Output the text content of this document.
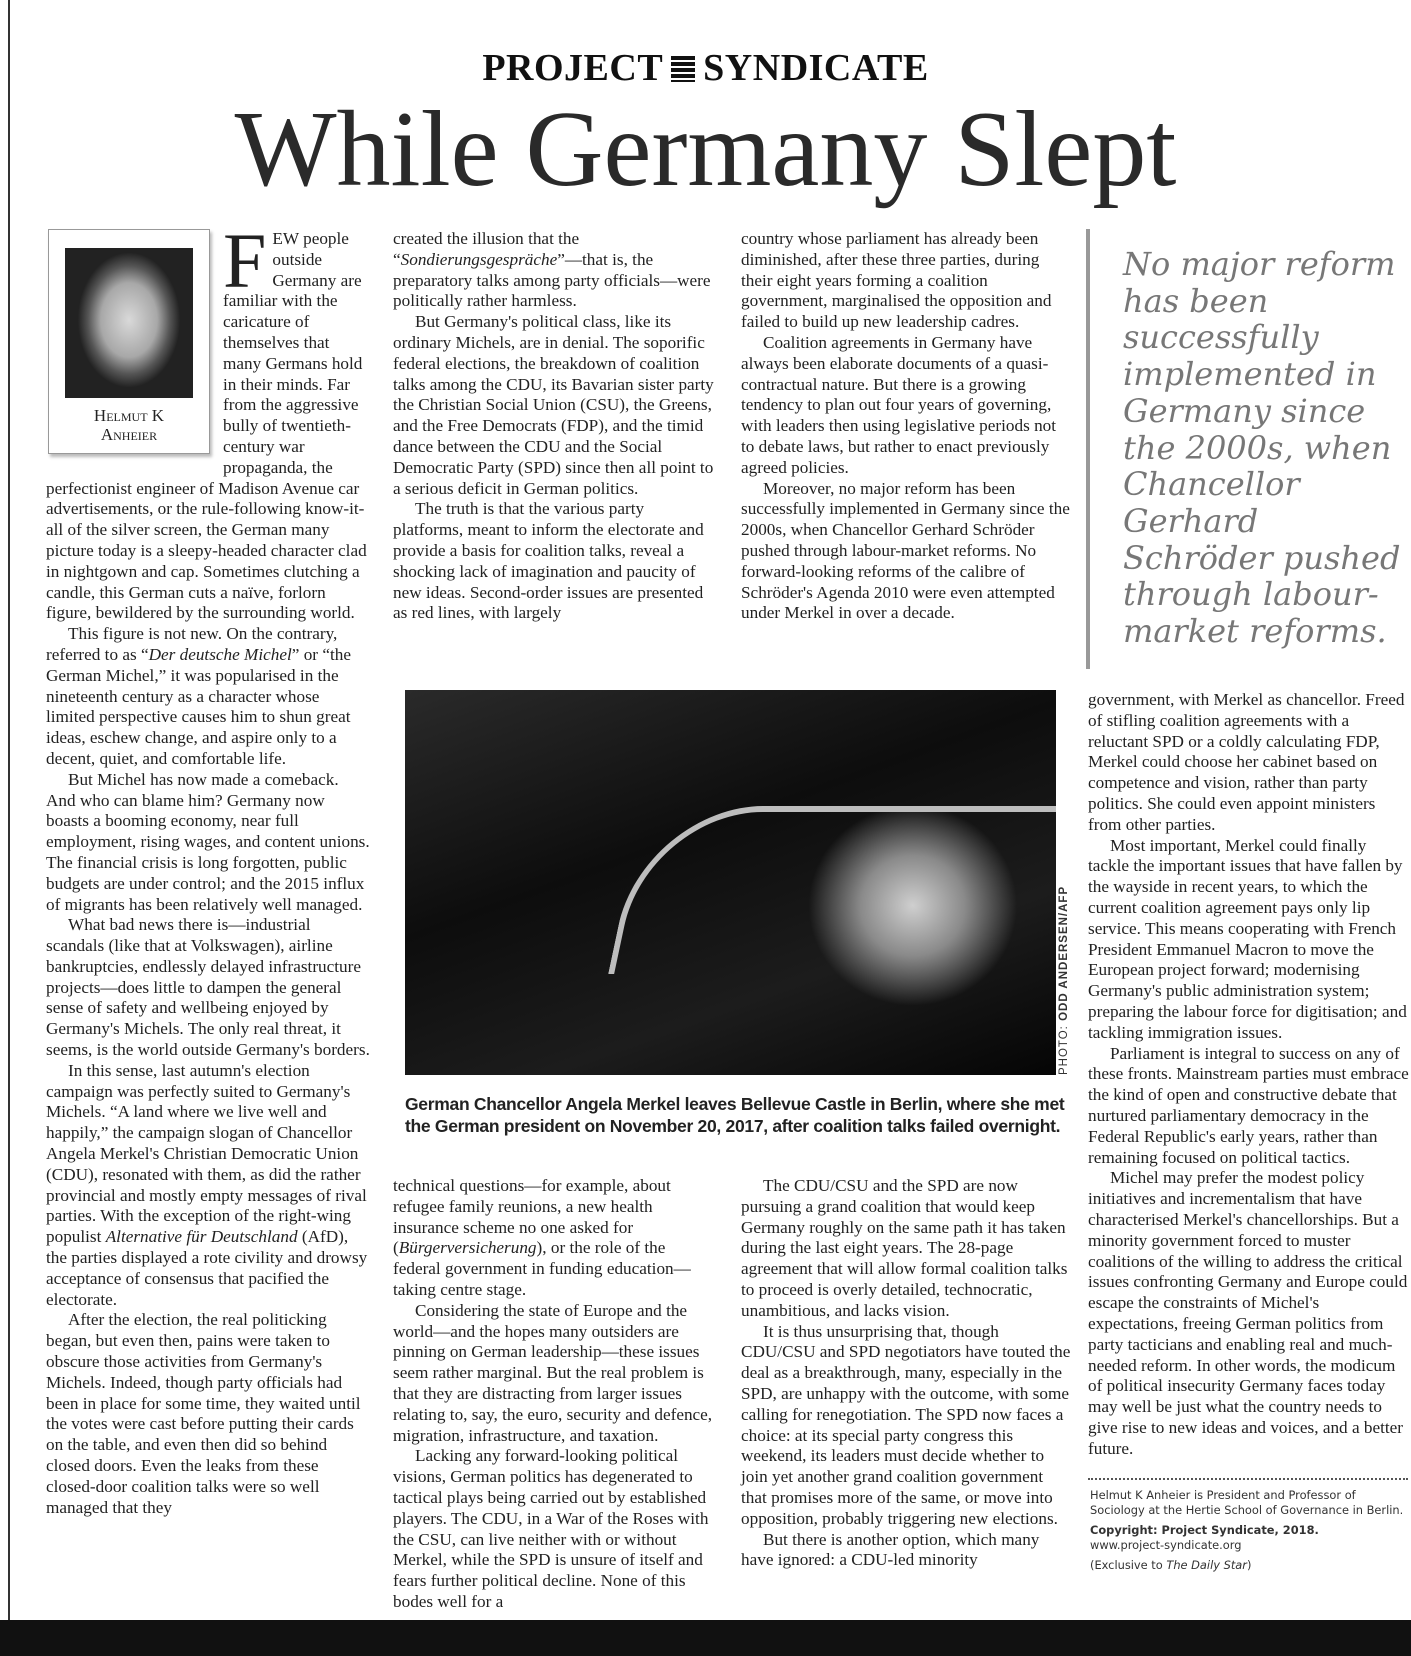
PROJECT SYNDICATE
While Germany Slept
Helmut K
Anheier

FEW people outside Germany are familiar with the caricature of themselves that many Germans hold in their minds. Far from the aggressive bully of twentieth-century war propaganda, the perfectionist engineer of Madison Avenue car advertisements, or the rule-following know-it-all of the silver screen, the German many picture today is a sleepy-headed character clad in nightgown and cap. Sometimes clutching a candle, this German cuts a naïve, forlorn figure, bewildered by the surrounding world.

This figure is not new. On the contrary, referred to as “Der deutsche Michel” or “the German Michel,” it was popularised in the nineteenth century as a character whose limited perspective causes him to shun great ideas, eschew change, and aspire only to a decent, quiet, and comfortable life.

But Michel has now made a comeback. And who can blame him? Germany now boasts a booming economy, near full employment, rising wages, and content unions. The financial crisis is long forgotten, public budgets are under control; and the 2015 influx of migrants has been relatively well managed.

What bad news there is—industrial scandals (like that at Volkswagen), airline bankruptcies, endlessly delayed infrastructure projects—does little to dampen the general sense of safety and wellbeing enjoyed by Germany's Michels. The only real threat, it seems, is the world outside Germany's borders.

In this sense, last autumn's election campaign was perfectly suited to Germany's Michels. “A land where we live well and happily,” the campaign slogan of Chancellor Angela Merkel's Christian Democratic Union (CDU), resonated with them, as did the rather provincial and mostly empty messages of rival parties. With the exception of the right-wing populist Alternative für Deutschland (AfD), the parties displayed a rote civility and drowsy acceptance of consensus that pacified the electorate.

After the election, the real politicking began, but even then, pains were taken to obscure those activities from Germany's Michels. Indeed, though party officials had been in place for some time, they waited until the votes were cast before putting their cards on the table, and even then did so behind closed doors. Even the leaks from these closed-door coalition talks were so well managed that they

created the illusion that the “Sondierungsgespräche”—that is, the preparatory talks among party officials—were politically rather harmless.

But Germany's political class, like its ordinary Michels, are in denial. The soporific federal elections, the breakdown of coalition talks among the CDU, its Bavarian sister party the Christian Social Union (CSU), the Greens, and the Free Democrats (FDP), and the timid dance between the CDU and the Social Democratic Party (SPD) since then all point to a serious deficit in German politics.

The truth is that the various party platforms, meant to inform the electorate and provide a basis for coalition talks, reveal a shocking lack of imagination and paucity of new ideas. Second-order issues are presented as red lines, with largely

country whose parliament has already been diminished, after these three parties, during their eight years forming a coalition government, marginalised the opposition and failed to build up new leadership cadres.

Coalition agreements in Germany have always been elaborate documents of a quasi-contractual nature. But there is a growing tendency to plan out four years of governing, with leaders then using legislative periods not to debate laws, but rather to enact previously agreed policies.

Moreover, no major reform has been successfully implemented in Germany since the 2000s, when Chancellor Gerhard Schröder pushed through labour-market reforms. No forward-looking reforms of the calibre of Schröder's Agenda 2010 were even attempted under Merkel in over a decade.

No major reform has been successfully implemented in Germany since the 2000s, when Chancellor Gerhard Schröder pushed through labour-market reforms.
PHOTO: ODD ANDERSEN/AFP
German Chancellor Angela Merkel leaves Bellevue Castle in Berlin, where she met the German president on November 20, 2017, after coalition talks failed overnight.

technical questions—for example, about refugee family reunions, a new health insurance scheme no one asked for (Bürgerversicherung), or the role of the federal government in funding education—taking centre stage.

Considering the state of Europe and the world—and the hopes many outsiders are pinning on German leadership—these issues seem rather marginal. But the real problem is that they are distracting from larger issues relating to, say, the euro, security and defence, migration, infrastructure, and taxation.

Lacking any forward-looking political visions, German politics has degenerated to tactical plays being carried out by established players. The CDU, in a War of the Roses with the CSU, can live neither with or without Merkel, while the SPD is unsure of itself and fears further political decline. None of this bodes well for a

The CDU/CSU and the SPD are now pursuing a grand coalition that would keep Germany roughly on the same path it has taken during the last eight years. The 28-page agreement that will allow formal coalition talks to proceed is overly detailed, technocratic, unambitious, and lacks vision.

It is thus unsurprising that, though CDU/CSU and SPD negotiators have touted the deal as a breakthrough, many, especially in the SPD, are unhappy with the outcome, with some calling for renegotiation. The SPD now faces a choice: at its special party congress this weekend, its leaders must decide whether to join yet another grand coalition government that promises more of the same, or move into opposition, probably triggering new elections.

But there is another option, which many have ignored: a CDU-led minority

government, with Merkel as chancellor. Freed of stifling coalition agreements with a reluctant SPD or a coldly calculating FDP, Merkel could choose her cabinet based on competence and vision, rather than party politics. She could even appoint ministers from other parties.

Most important, Merkel could finally tackle the important issues that have fallen by the wayside in recent years, to which the current coalition agreement pays only lip service. This means cooperating with French President Emmanuel Macron to move the European project forward; modernising Germany's public administration system; preparing the labour force for digitisation; and tackling immigration issues.

Parliament is integral to success on any of these fronts. Mainstream parties must embrace the kind of open and constructive debate that nurtured parliamentary democracy in the Federal Republic's early years, rather than remaining focused on political tactics.

Michel may prefer the modest policy initiatives and incrementalism that have characterised Merkel's chancellorships. But a minority government forced to muster coalitions of the willing to address the critical issues confronting Germany and Europe could escape the constraints of Michel's expectations, freeing German politics from party tacticians and enabling real and much-needed reform. In other words, the modicum of political insecurity Germany faces today may well be just what the country needs to give rise to new ideas and voices, and a better future.

Helmut K Anheier is President and Professor of Sociology at the Hertie School of Governance in Berlin.

Copyright: Project Syndicate, 2018.

www.project-syndicate.org

(Exclusive to The Daily Star)
